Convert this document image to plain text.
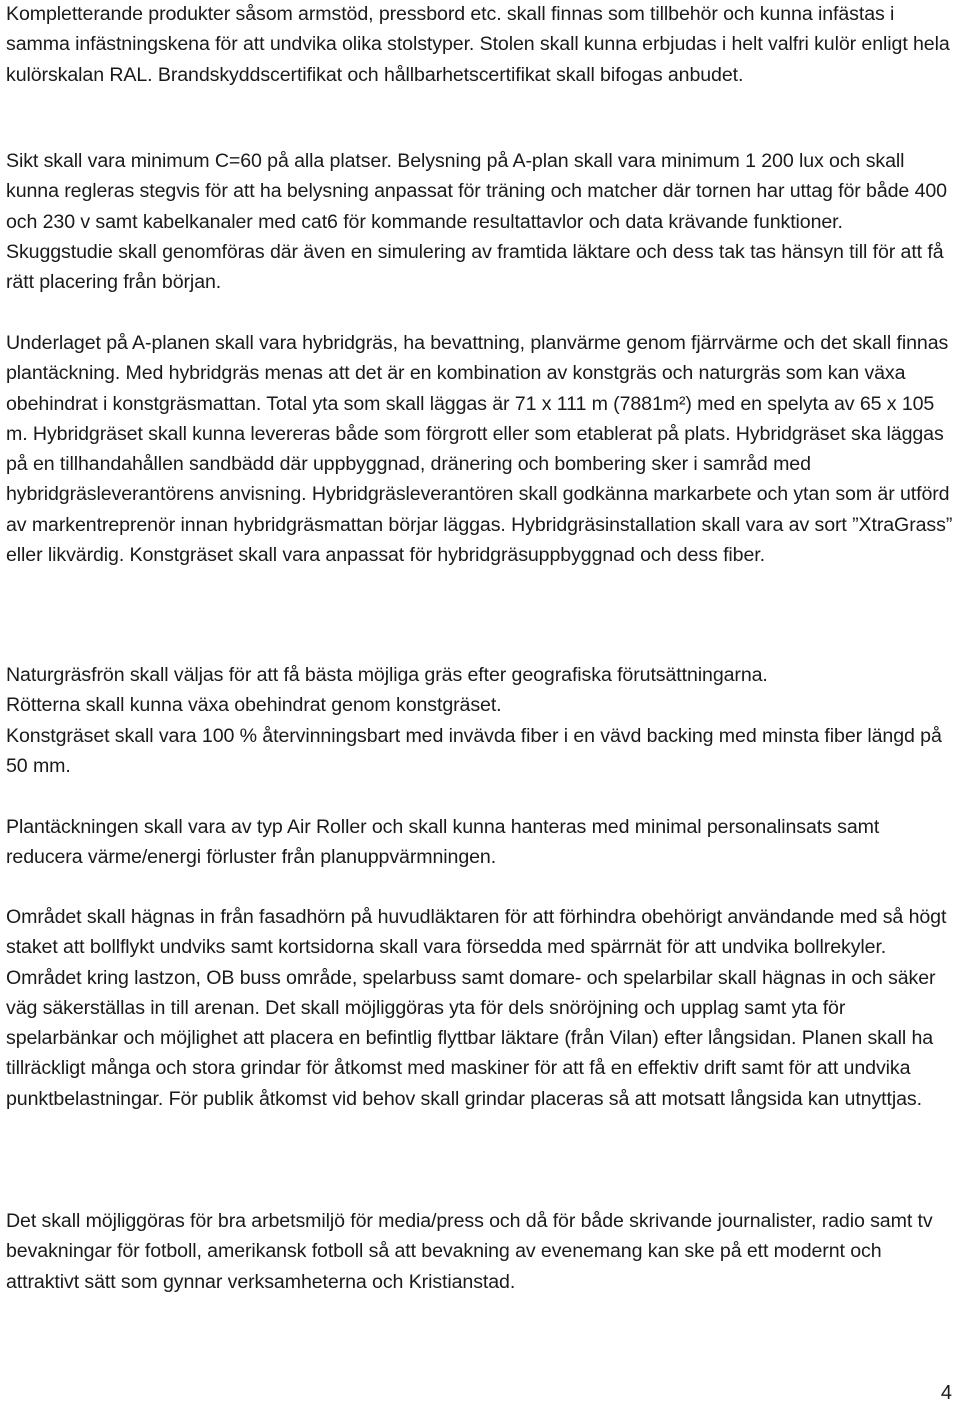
Kompletterande produkter såsom armstöd, pressbord etc. skall finnas som tillbehör och kunna infästas i samma infästningskena för att undvika olika stolstyper. Stolen skall kunna erbjudas i helt valfri kulör enligt hela kulörskalan RAL. Brandskyddscertifikat och hållbarhetscertifikat skall bifogas anbudet.

Sikt skall vara minimum C=60 på alla platser. Belysning på A-plan skall vara minimum 1 200 lux och skall kunna regleras stegvis för att ha belysning anpassat för träning och matcher där tornen har uttag för både 400 och 230 v samt kabelkanaler med cat6 för kommande resultattavlor och data krävande funktioner. Skuggstudie skall genomföras där även en simulering av framtida läktare och dess tak tas hänsyn till för att få rätt placering från början.

Underlaget på A-planen skall vara hybridgräs, ha bevattning, planvärme genom fjärrvärme och det skall finnas plantäckning. Med hybridgräs menas att det är en kombination av konstgräs och naturgräs som kan växa obehindrat i konstgräsmattan. Total yta som skall läggas är 71 x 111 m (7881m²) med en spelyta av 65 x 105 m. Hybridgräset skall kunna levereras både som förgrott eller som etablerat på plats. Hybridgräset ska läggas på en tillhandahållen sandbädd där uppbyggnad, dränering och bombering sker i samråd med hybridgräsleverantörens anvisning. Hybridgräsleverantören skall godkänna markarbete och ytan som är utförd av markentreprenör innan hybridgräsmattan börjar läggas. Hybridgräsinstallation skall vara av sort ”XtraGrass” eller likvärdig. Konstgräset skall vara anpassat för hybridgräsuppbyggnad och dess fiber.

Naturgräsfrön skall väljas för att få bästa möjliga gräs efter geografiska förutsättningarna.

Rötterna skall kunna växa obehindrat genom konstgräset.

Konstgräset skall vara 100 % återvinningsbart med invävda fiber i en vävd backing med minsta fiber längd på 50 mm.

Plantäckningen skall vara av typ Air Roller och skall kunna hanteras med minimal personalinsats samt reducera värme/energi förluster från planuppvärmningen.

Området skall hägnas in från fasadhörn på huvudläktaren för att förhindra obehörigt användande med så högt staket att bollflykt undviks samt kortsidorna skall vara försedda med spärrnät för att undvika bollrekyler. Området kring lastzon, OB buss område, spelarbuss samt domare- och spelarbilar skall hägnas in och säker väg säkerställas in till arenan. Det skall möjliggöras yta för dels snöröjning och upplag samt yta för spelarbänkar och möjlighet att placera en befintlig flyttbar läktare (från Vilan) efter långsidan. Planen skall ha tillräckligt många och stora grindar för åtkomst med maskiner för att få en effektiv drift samt för att undvika punktbelastningar. För publik åtkomst vid behov skall grindar placeras så att motsatt långsida kan utnyttjas.

Det skall möjliggöras för bra arbetsmiljö för media/press och då för både skrivande journalister, radio samt tv bevakningar för fotboll, amerikansk fotboll så att bevakning av evenemang kan ske på ett modernt och attraktivt sätt som gynnar verksamheterna och Kristianstad.

4
